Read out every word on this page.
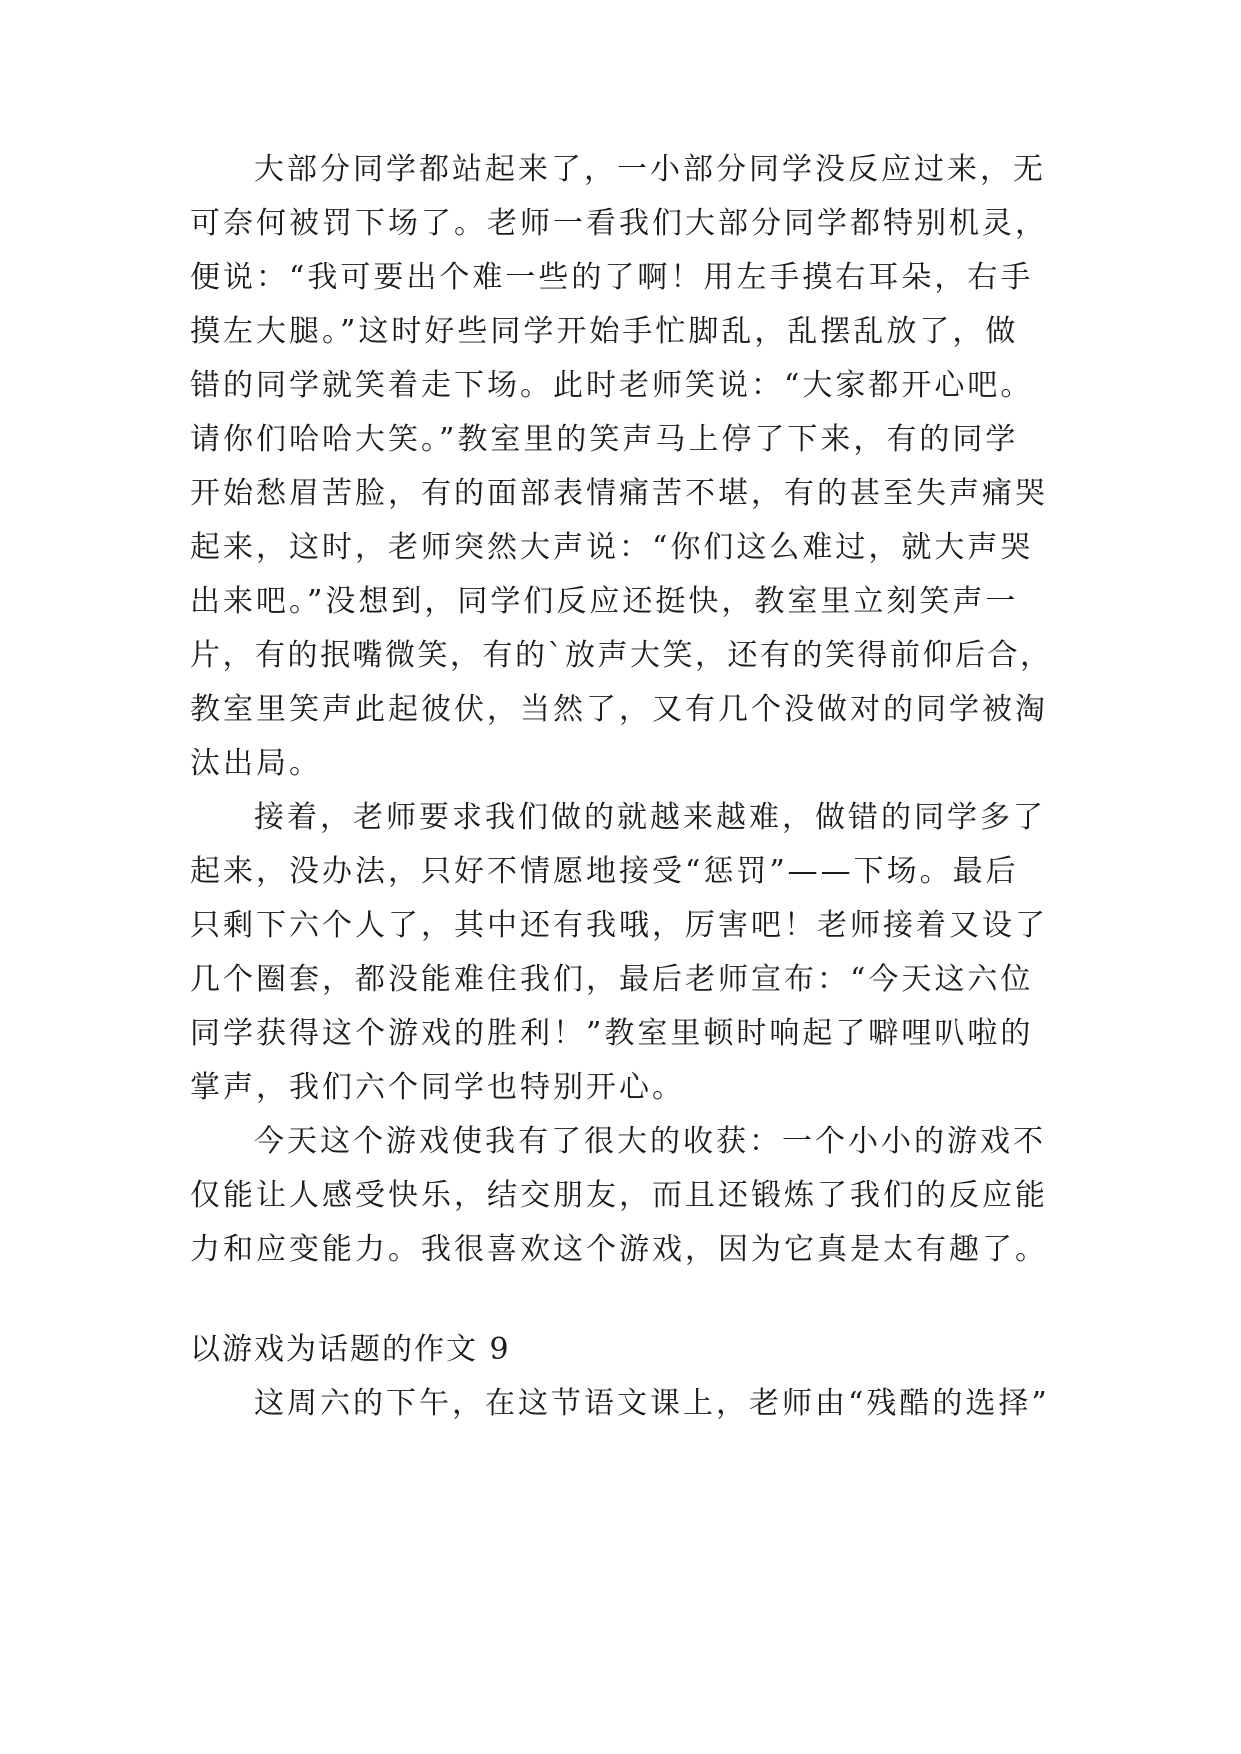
大部分同学都站起来了，一小部分同学没反应过来，无
可奈何被罚下场了。老师一看我们大部分同学都特别机灵，
便说：“我可要出个难一些的了啊！用左手摸右耳朵，右手
摸左大腿。”这时好些同学开始手忙脚乱，乱摆乱放了，做
错的同学就笑着走下场。此时老师笑说：“大家都开心吧。
请你们哈哈大笑。”教室里的笑声马上停了下来，有的同学
开始愁眉苦脸，有的面部表情痛苦不堪，有的甚至失声痛哭
起来，这时，老师突然大声说：“你们这么难过，就大声哭
出来吧。”没想到，同学们反应还挺快，教室里立刻笑声一
片，有的抿嘴微笑，有的`放声大笑，还有的笑得前仰后合，
教室里笑声此起彼伏，当然了，又有几个没做对的同学被淘
汰出局。
接着，老师要求我们做的就越来越难，做错的同学多了
起来，没办法，只好不情愿地接受“惩罚”——下场。最后
只剩下六个人了，其中还有我哦，厉害吧！老师接着又设了
几个圈套，都没能难住我们，最后老师宣布：“今天这六位
同学获得这个游戏的胜利！”教室里顿时响起了噼哩叭啦的
掌声，我们六个同学也特别开心。
今天这个游戏使我有了很大的收获：一个小小的游戏不
仅能让人感受快乐，结交朋友，而且还锻炼了我们的反应能
力和应变能力。我很喜欢这个游戏，因为它真是太有趣了。
以游戏为话题的作文 9
这周六的下午，在这节语文课上，老师由“残酷的选择”
